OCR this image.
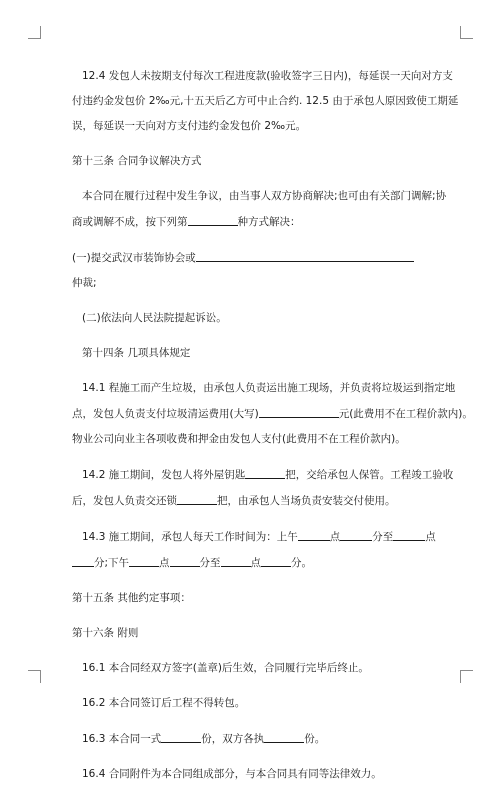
12.4 发包人未按期支付每次工程进度款(验收签字三日内)，每延误一天向对方支
付违约金发包价 2‰元,十五天后乙方可中止合约. 12.5 由于承包人原因致使工期延
误，每延误一天向对方支付违约金发包价 2‰元。
第十三条 合同争议解决方式
本合同在履行过程中发生争议，由当事人双方协商解决;也可由有关部门调解;协
商或调解不成，按下列第	种方式解决：
(一)提交武汉市装饰协会或
仲裁;
(二)依法向人民法院提起诉讼。
第十四条 几项具体规定
14.1 程施工而产生垃圾，由承包人负责运出施工现场，并负责将垃圾运到指定地
点，发包人负责支付垃圾清运费用(大写)	元(此费用不在工程价款内)。
物业公司向业主各项收费和押金由发包人支付(此费用不在工程价款内)。
14.2 施工期间，发包人将外屋钥匙	把，交给承包人保管。工程竣工验收
后，发包人负责交还锁	把，由承包人当场负责安装交付使用。
14.3 施工期间，承包人每天工作时间为：上午	点	分至	点
分;下午	点	分至	点	分。
第十五条 其他约定事项：
第十六条 附则
16.1 本合同经双方签字(盖章)后生效，合同履行完毕后终止。
16.2 本合同签订后工程不得转包。
16.3 本合同一式	份，双方各执	份。
16.4 合同附件为本合同组成部分，与本合同具有同等法律效力。
